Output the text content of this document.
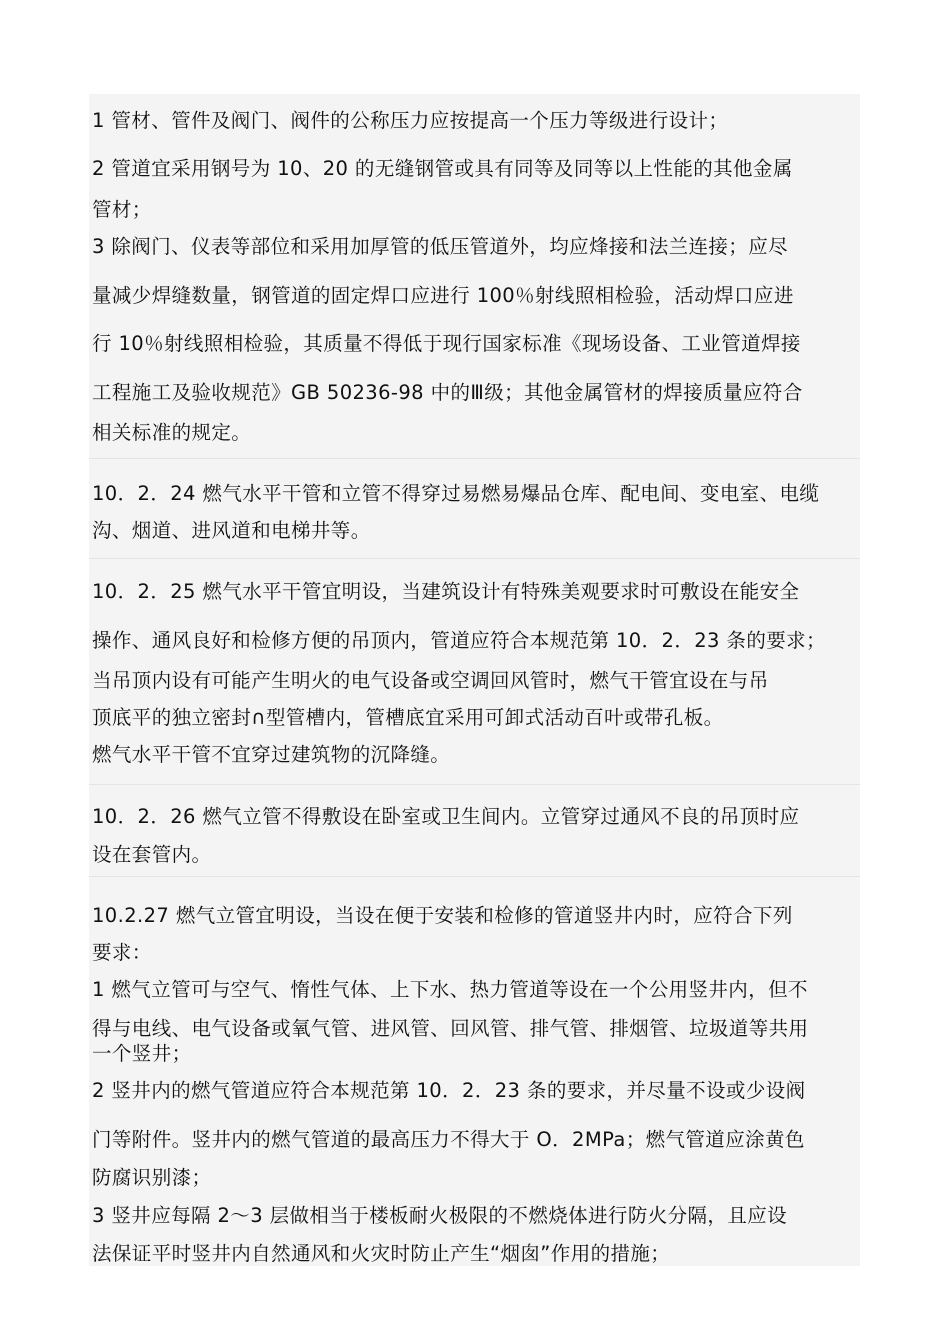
1 管材、管件及阀门、阀件的公称压力应按提高一个压力等级进行设计；
2 管道宜采用钢号为 10、20 的无缝钢管或具有同等及同等以上性能的其他金属
管材；
3 除阀门、仪表等部位和采用加厚管的低压管道外，均应烽接和法兰连接；应尽
量减少焊缝数量，钢管道的固定焊口应进行 100％射线照相检验，活动焊口应进
行 10％射线照相检验，其质量不得低于现行国家标准《现场设备、工业管道焊接
工程施工及验收规范》GB 50236-98 中的Ⅲ级；其他金属管材的焊接质量应符合
相关标准的规定。
10．2．24 燃气水平干管和立管不得穿过易燃易爆品仓库、配电间、变电室、电缆
沟、烟道、进风道和电梯井等。
10．2．25 燃气水平干管宜明设，当建筑设计有特殊美观要求时可敷设在能安全
操作、通风良好和检修方便的吊顶内，管道应符合本规范第 10．2．23 条的要求；
当吊顶内设有可能产生明火的电气设备或空调回风管时，燃气干管宜设在与吊
顶底平的独立密封∩型管槽内，管槽底宜采用可卸式活动百叶或带孔板。
燃气水平干管不宜穿过建筑物的沉降缝。
10．2．26 燃气立管不得敷设在卧室或卫生间内。立管穿过通风不良的吊顶时应
设在套管内。
10.2.27 燃气立管宜明设，当设在便于安装和检修的管道竖井内时，应符合下列
要求：
1 燃气立管可与空气、惰性气体、上下水、热力管道等设在一个公用竖井内，但不
得与电线、电气设备或氧气管、进风管、回风管、排气管、排烟管、垃圾道等共用
一个竖井；
2 竖井内的燃气管道应符合本规范第 10．2．23 条的要求，并尽量不设或少设阀
门等附件。竖井内的燃气管道的最高压力不得大于 O．2MPa；燃气管道应涂黄色
防腐识别漆；
3 竖井应每隔 2～3 层做相当于楼板耐火极限的不燃烧体进行防火分隔，且应设
法保证平时竖井内自然通风和火灾时防止产生“烟囱”作用的措施；
